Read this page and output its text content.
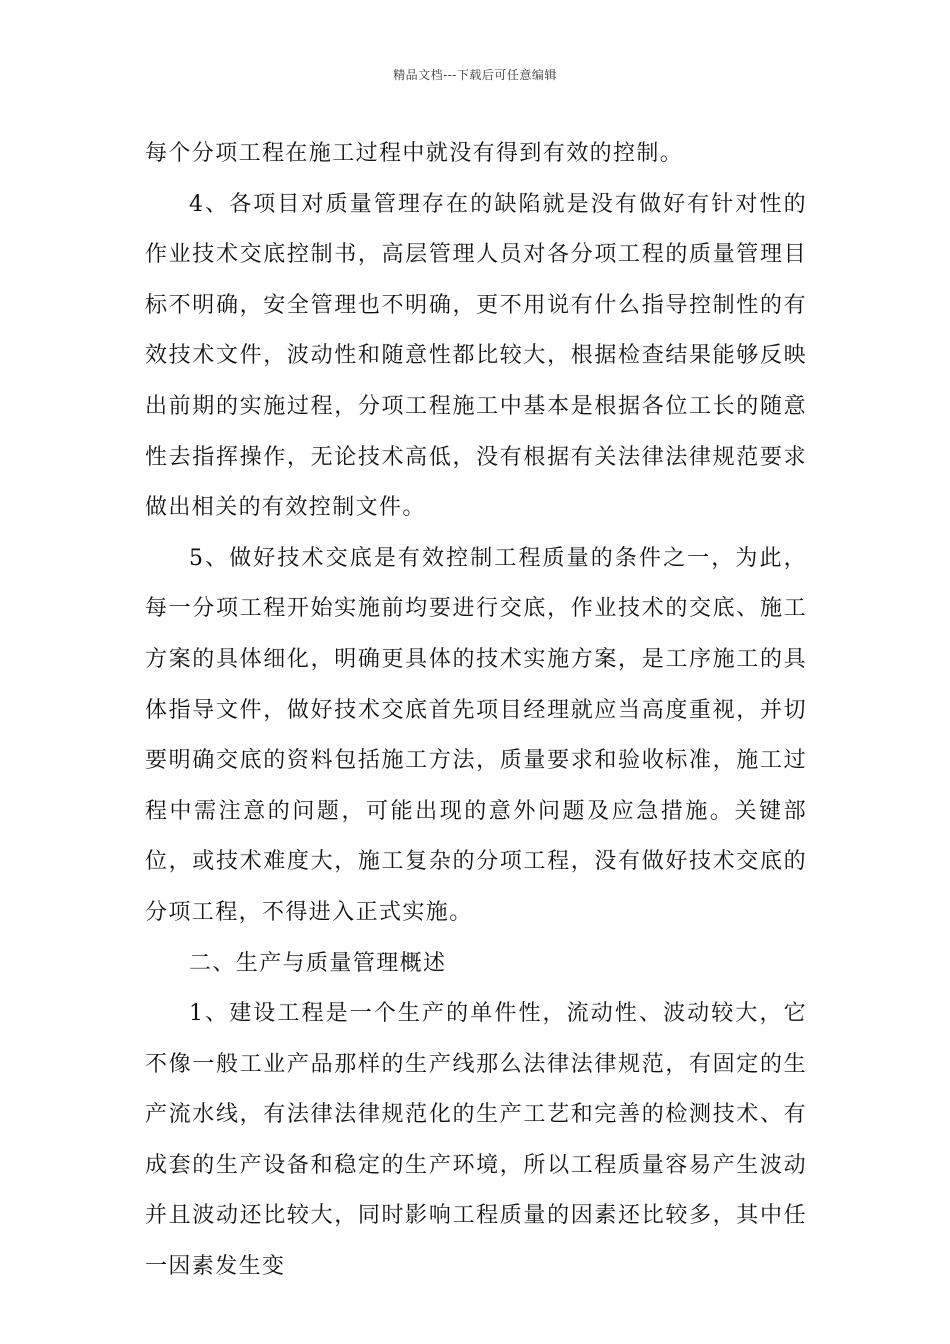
精品文档---下载后可任意编辑

每个分项工程在施工过程中就没有得到有效的控制。

4、各项目对质量管理存在的缺陷就是没有做好有针对性的作业技术交底控制书，高层管理人员对各分项工程的质量管理目标不明确，安全管理也不明确，更不用说有什么指导控制性的有效技术文件，波动性和随意性都比较大，根据检查结果能够反映出前期的实施过程，分项工程施工中基本是根据各位工长的随意性去指挥操作，无论技术高低，没有根据有关法律法律规范要求做出相关的有效控制文件。

5、做好技术交底是有效控制工程质量的条件之一，为此，每一分项工程开始实施前均要进行交底，作业技术的交底、施工方案的具体细化，明确更具体的技术实施方案，是工序施工的具体指导文件，做好技术交底首先项目经理就应当高度重视，并切要明确交底的资料包括施工方法，质量要求和验收标准，施工过程中需注意的问题，可能出现的意外问题及应急措施。关键部位，或技术难度大，施工复杂的分项工程，没有做好技术交底的分项工程，不得进入正式实施。

二、生产与质量管理概述

1、建设工程是一个生产的单件性，流动性、波动较大，它不像一般工业产品那样的生产线那么法律法律规范，有固定的生产流水线，有法律法律规范化的生产工艺和完善的检测技术、有成套的生产设备和稳定的生产环境，所以工程质量容易产生波动并且波动还比较大，同时影响工程质量的因素还比较多，其中任一因素发生变
